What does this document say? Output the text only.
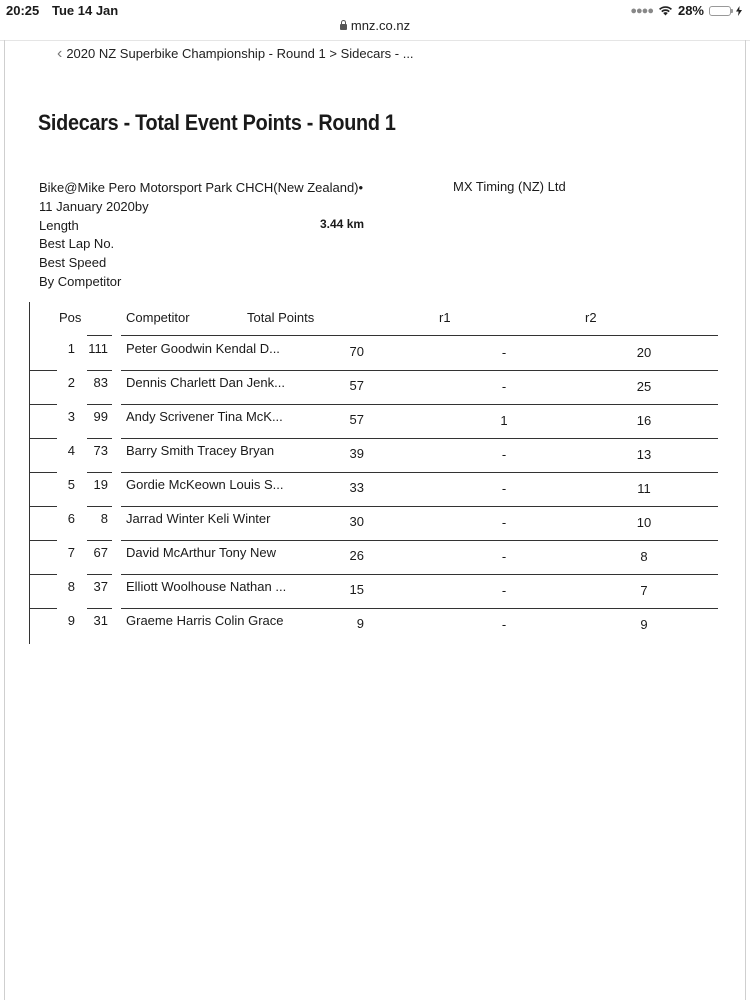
20:25 Tue 14 Jan	●●●● 28%
mnz.co.nz
‹ 2020 NZ Superbike Championship - Round 1 > Sidecars - ...
Sidecars - Total Event Points - Round 1
Bike@Mike Pero Motorsport Park CHCH(New Zealand)•
11 January 2020by
Length
Best Lap No.
Best Speed
By Competitor
MX Timing (NZ) Ltd
3.44 km
Pos	Competitor	Total Points	r1	r2
1	111 Peter Goodwin Kendal D...	70	-	20
2	83 Dennis Charlett Dan Jenk...	57	-	25
3	99 Andy Scrivener Tina McK...	57	1	16
4	73 Barry Smith Tracey Bryan	39	-	13
5	19 Gordie McKeown Louis S...	33	-	11
6	8 Jarrad Winter Keli Winter	30	-	10
7	67 David McArthur Tony New	26	-	8
8	37 Elliott Woolhouse Nathan ...	15	-	7
9	31 Graeme Harris Colin Grace	9	-	9
